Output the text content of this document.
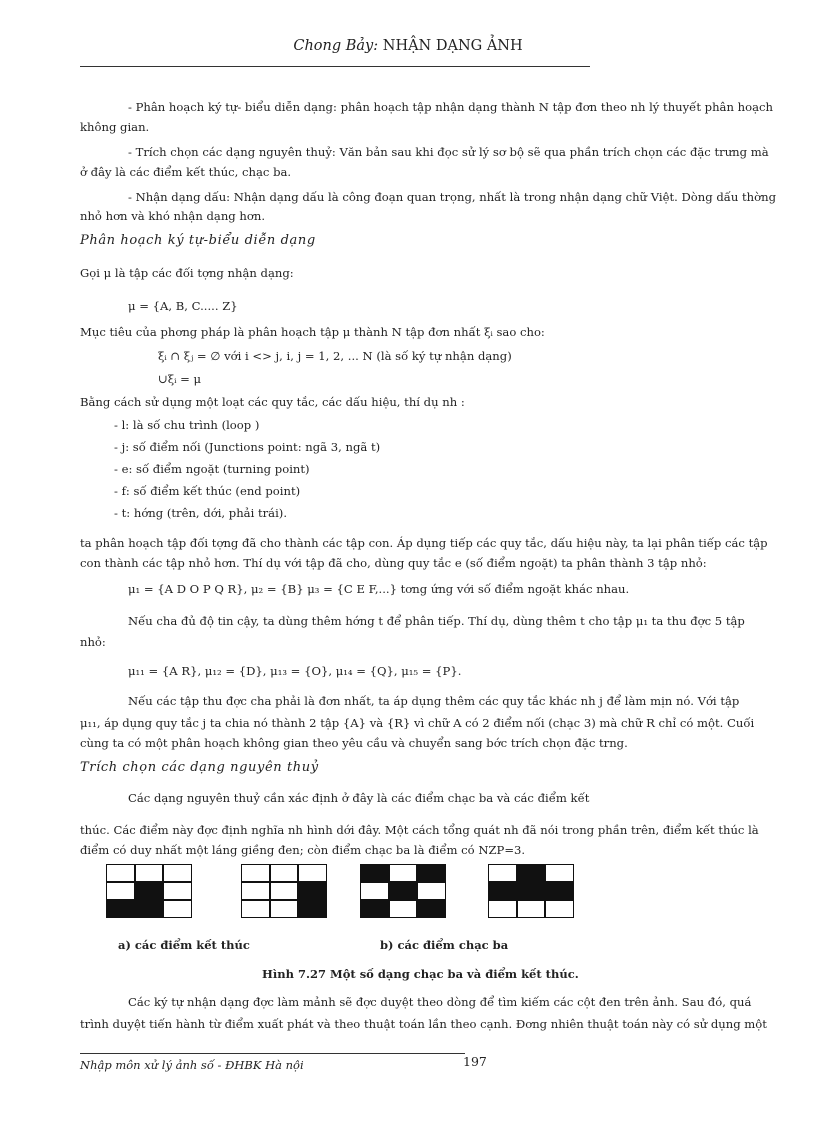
Chong Bảy: NHẬN DẠNG ẢNH
- Phân hoạch ký tự- biểu diễn dạng: phân hoạch tập nhận dạng thành N tập đơn theo nh lý thuyết phân hoạch
không gian.
- Trích chọn các dạng nguyên thuỷ: Văn bản sau khi đọc sử lý sơ bộ sẽ qua phần trích chọn các đặc trưng mà
ở đây là các điểm kết thúc, chạc ba.
- Nhận dạng dấu: Nhận dạng dấu là công đoạn quan trọng, nhất là trong nhận dạng chữ Việt. Dòng dấu thờng
nhỏ hơn và khó nhận dạng hơn.
Phân hoạch ký tự-biểu diễn dạng
Gọi μ là tập các đối tợng nhận dạng:
μ = {A, B, C..... Z}
Mục tiêu của phơng pháp là phân hoạch tập μ thành N tập đơn nhất ξᵢ sao cho:
ξᵢ ∩ ξⱼ = ∅ với i <> j, i, j = 1, 2, ... N (là số ký tự nhận dạng)
∪ξᵢ = μ
Bằng cách sử dụng một loạt các quy tắc, các dấu hiệu, thí dụ nh :
- l: là số chu trình (loop )
- j: số điểm nối (Junctions point: ngã 3, ngã t)
- e: số điểm ngoặt (turning point)
- f: số điểm kết thúc (end point)
- t: hớng (trên, dới, phải trái).
ta phân hoạch tập đối tợng đã cho thành các tập con. Áp dụng tiếp các quy tắc, dấu hiệu này, ta lại phân tiếp các tập
con thành các tập nhỏ hơn. Thí dụ với tập đã cho, dùng quy tắc e (số điểm ngoặt) ta phân thành 3 tập nhỏ:
μ₁ = {A D O P Q R}, μ₂ = {B} μ₃ = {C E F,...} tơng ứng với số điểm ngoặt khác nhau.
Nếu cha đủ độ tin cậy, ta dùng thêm hớng t để phân tiếp. Thí dụ, dùng thêm t cho tập μ₁ ta thu đợc 5 tập
nhỏ:
μ₁₁ = {A R}, μ₁₂ = {D}, μ₁₃ = {O}, μ₁₄ = {Q}, μ₁₅ = {P}.
Nếu các tập thu đợc cha phải là đơn nhất, ta áp dụng thêm các quy tắc khác nh j để làm mịn nó. Với tập
μ₁₁, áp dụng quy tắc j ta chia nó thành 2 tập {A} và {R} vì chữ A có 2 điểm nối (chạc 3) mà chữ R chỉ có một. Cuối
cùng ta có một phân hoạch không gian theo yêu cầu và chuyển sang bớc trích chọn đặc trng.
Trích chọn các dạng nguyên thuỷ
Các dạng nguyên thuỷ cần xác định ở đây là các điểm chạc ba và các điểm kết
thúc. Các điểm này đợc định nghĩa nh hình dới đây. Một cách tổng quát nh đã nói trong phần trên, điểm kết thúc là
điểm có duy nhất một láng giềng đen; còn điểm chạc ba là điểm có NZP=3.
a) các điểm kết thúc	b) các điểm chạc ba
Hình 7.27 Một số dạng chạc ba và điểm kết thúc.
Các ký tự nhận dạng đợc làm mảnh sẽ đợc duyệt theo dòng để tìm kiếm các cột đen trên ảnh. Sau đó, quá
trình duyệt tiến hành từ điểm xuất phát và theo thuật toán lần theo cạnh. Đơng nhiên thuật toán này có sử dụng một
Nhập môn xử lý ảnh số - ĐHBK Hà nội	197
